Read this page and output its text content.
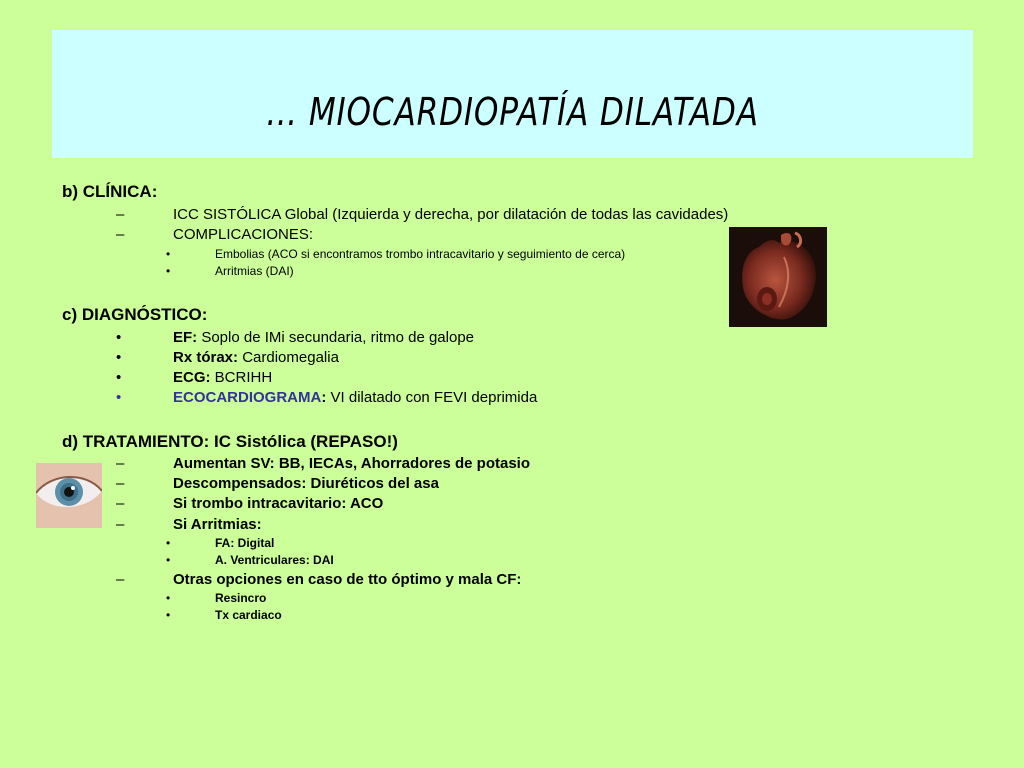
… MIOCARDIOPATÍA DILATADA
b) CLÍNICA:
–	ICC SISTÓLICA Global (Izquierda y derecha, por dilatación de todas las cavidades)
–	COMPLICACIONES:
•	Embolias (ACO si encontramos trombo intracavitario y seguimiento de cerca)
•	Arritmias (DAI)
c) DIAGNÓSTICO:
•	EF: Soplo de IMi secundaria, ritmo de galope
•	Rx tórax: Cardiomegalia
•	ECG: BCRIHH
•	ECOCARDIOGRAMA: VI dilatado con FEVI deprimida
d) TRATAMIENTO: IC Sistólica (REPASO!)
–	Aumentan SV: BB, IECAs, Ahorradores de potasio
–	Descompensados: Diuréticos del asa
–	Si trombo intracavitario: ACO
–	Si Arritmias:
•	FA: Digital
•	A. Ventriculares: DAI
–	Otras opciones en caso de tto óptimo y mala CF:
•	Resincro
•	Tx cardiaco
